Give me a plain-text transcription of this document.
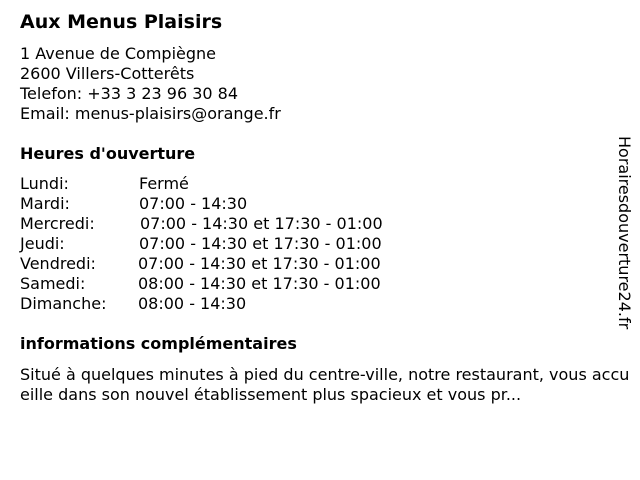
Aux Menus Plaisirs
1 Avenue de Compiègne
2600 Villers-Cotterêts
Telefon: +33 3 23 96 30 84
Email: menus-plaisirs@orange.fr
Heures d'ouverture
Lundi:	Fermé
Mardi:	07:00 - 14:30
Mercredi:	07:00 - 14:30 et 17:30 - 01:00
Jeudi:	07:00 - 14:30 et 17:30 - 01:00
Vendredi:	07:00 - 14:30 et 17:30 - 01:00
Samedi:	08:00 - 14:30 et 17:30 - 01:00
Dimanche: 08:00 - 14:30
informations complémentaires
Situé à quelques minutes à pied du centre-ville, notre restaurant, vous accueille dans son nouvel établissement plus spacieux et vous pr...
Horairesdouverture24.fr
